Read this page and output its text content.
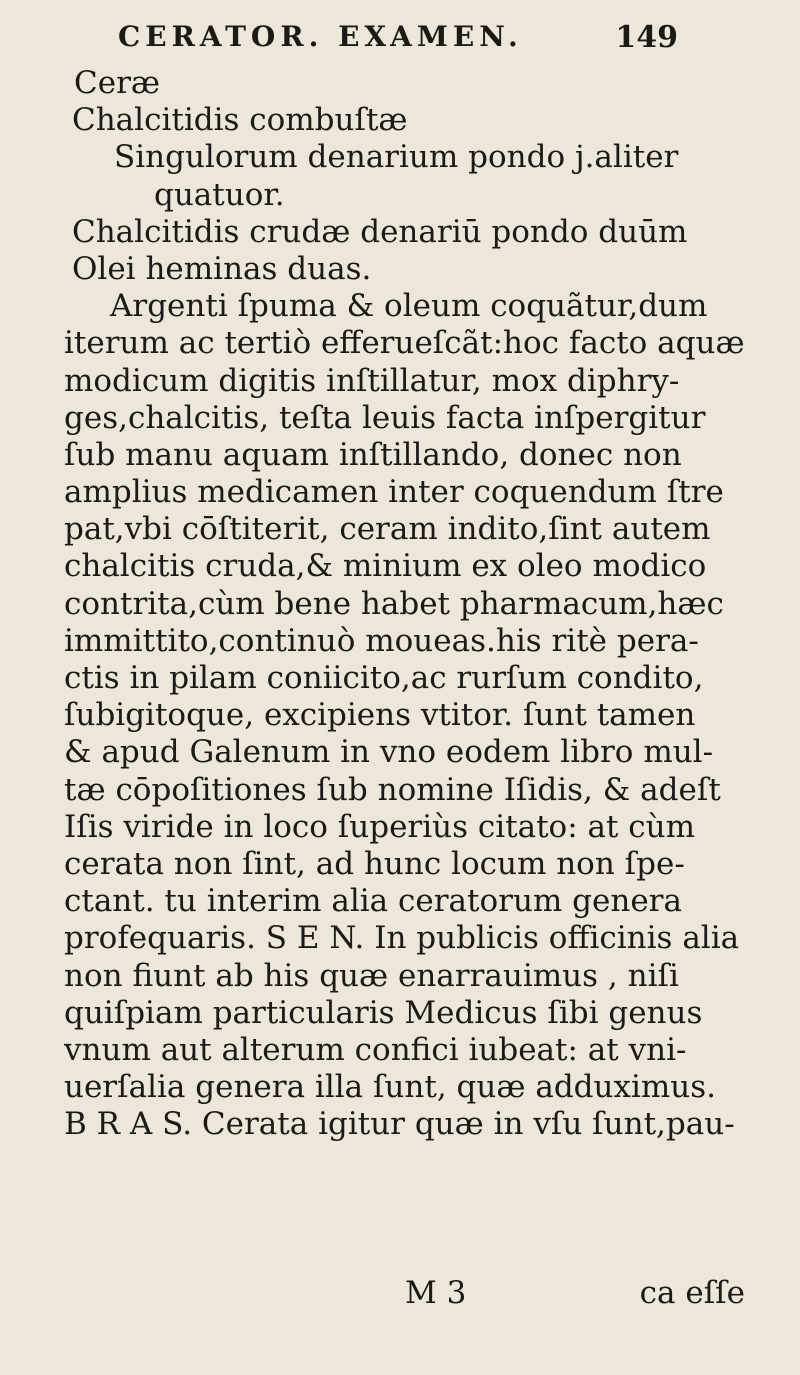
CERATOR. EXAMEN.	149
Ceræ
Chalcitidis combuſtæ
Singulorum denarium pondo j.aliter
quatuor.
Chalcitidis crudæ denariū pondo duūm
Olei heminas duas.
Argenti ſpuma & oleum coquãtur,dum
iterum ac tertiò efferueſcãt:hoc facto aquæ
modicum digitis inſtillatur, mox diphry-
ges,chalcitis, teſta leuis facta inſpergitur
ſub manu aquam inſtillando, donec non
amplius medicamen inter coquendum ſtre
pat,vbi cōſtiterit, ceram indito,ſint autem
chalcitis cruda,& minium ex oleo modico
contrita,cùm bene habet pharmacum,hæc
immittito,continuò moueas.his ritè pera-
ctis in pilam coniicito,ac rurſum condito,
ſubigitoque, excipiens vtitor. ſunt tamen
& apud Galenum in vno eodem libro mul-
tæ cōpoſitiones ſub nomine Iſidis, & adeſt
Iſis viride in loco ſuperiùs citato: at cùm
cerata non ſint, ad hunc locum non ſpe-
ctant. tu interim alia ceratorum genera
profequaris. S E N. In publicis officinis alia
non fiunt ab his quæ enarrauimus , niſi
quiſpiam particularis Medicus ſibi genus
vnum aut alterum confici iubeat: at vni-
uerſalia genera illa ſunt, quæ adduximus.
B R A S. Cerata igitur quæ in vſu ſunt,pau-
M 3	ca eſſe
